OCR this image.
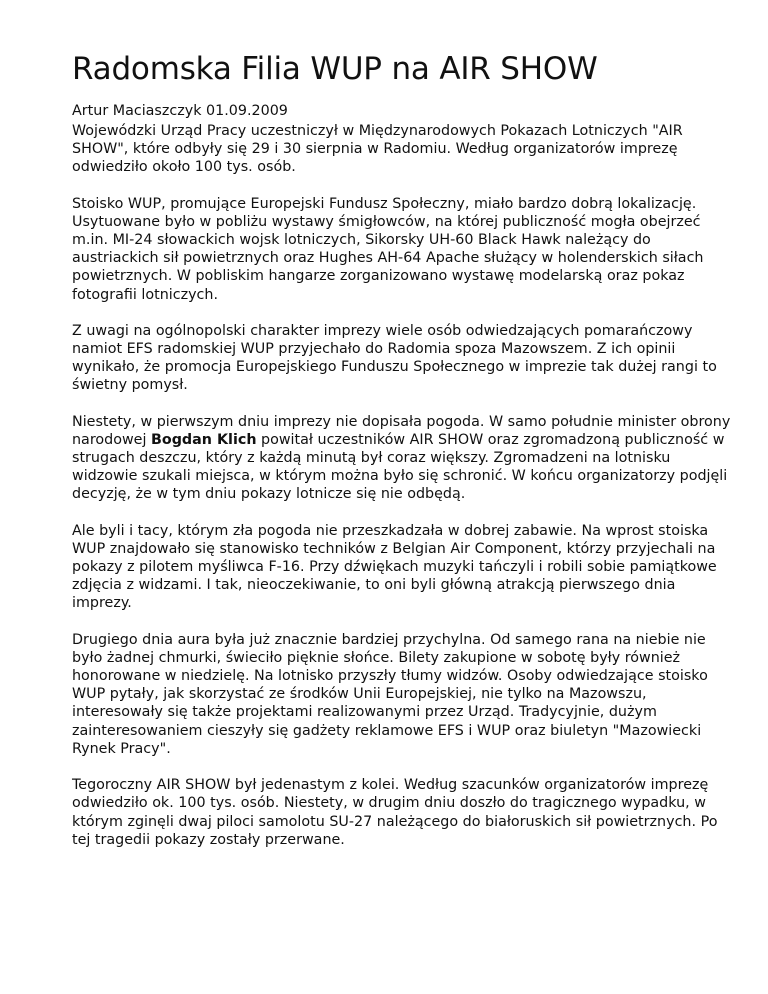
Radomska Filia WUP na AIR SHOW
Artur Maciaszczyk 01.09.2009

Wojewódzki Urząd Pracy uczestniczył w Międzynarodowych Pokazach Lotniczych "AIR SHOW", które odbyły się 29 i 30 sierpnia w Radomiu. Według organizatorów imprezę odwiedziło około 100 tys. osób.

Stoisko WUP, promujące Europejski Fundusz Społeczny, miało bardzo dobrą lokalizację. Usytuowane było w pobliżu wystawy śmigłowców, na której publiczność mogła obejrzeć m.in. MI-24 słowackich wojsk lotniczych, Sikorsky UH-60 Black Hawk należący do austriackich sił powietrznych oraz Hughes AH-64 Apache służący w holenderskich siłach powietrznych. W pobliskim hangarze zorganizowano wystawę modelarską oraz pokaz fotografii lotniczych.

Z uwagi na ogólnopolski charakter imprezy wiele osób odwiedzających pomarańczowy namiot EFS radomskiej WUP przyjechało do Radomia spoza Mazowszem. Z ich opinii wynikało, że promocja Europejskiego Funduszu Społecznego w imprezie tak dużej rangi to świetny pomysł.

Niestety, w pierwszym dniu imprezy nie dopisała pogoda. W samo południe minister obrony narodowej Bogdan Klich powitał uczestników AIR SHOW oraz zgromadzoną publiczność w strugach deszczu, który z każdą minutą był coraz większy. Zgromadzeni na lotnisku widzowie szukali miejsca, w którym można było się schronić. W końcu organizatorzy podjęli decyzję, że w tym dniu pokazy lotnicze się nie odbędą.

Ale byli i tacy, którym zła pogoda nie przeszkadzała w dobrej zabawie. Na wprost stoiska WUP znajdowało się stanowisko techników z Belgian Air Component, którzy przyjechali na pokazy z pilotem myśliwca F-16. Przy dźwiękach muzyki tańczyli i robili sobie pamiątkowe zdjęcia z widzami. I tak, nieoczekiwanie, to oni byli główną atrakcją pierwszego dnia imprezy.

Drugiego dnia aura była już znacznie bardziej przychylna. Od samego rana na niebie nie było żadnej chmurki, świeciło pięknie słońce. Bilety zakupione w sobotę były również honorowane w niedzielę. Na lotnisko przyszły tłumy widzów. Osoby odwiedzające stoisko WUP pytały, jak skorzystać ze środków Unii Europejskiej, nie tylko na Mazowszu, interesowały się także projektami realizowanymi przez Urząd. Tradycyjnie, dużym zainteresowaniem cieszyły się gadżety reklamowe EFS i WUP oraz biuletyn "Mazowiecki Rynek Pracy".

Tegoroczny AIR SHOW był jedenastym z kolei. Według szacunków organizatorów imprezę odwiedziło ok. 100 tys. osób. Niestety, w drugim dniu doszło do tragicznego wypadku, w którym zginęli dwaj piloci samolotu SU-27 należącego do białoruskich sił powietrznych. Po tej tragedii pokazy zostały przerwane.
